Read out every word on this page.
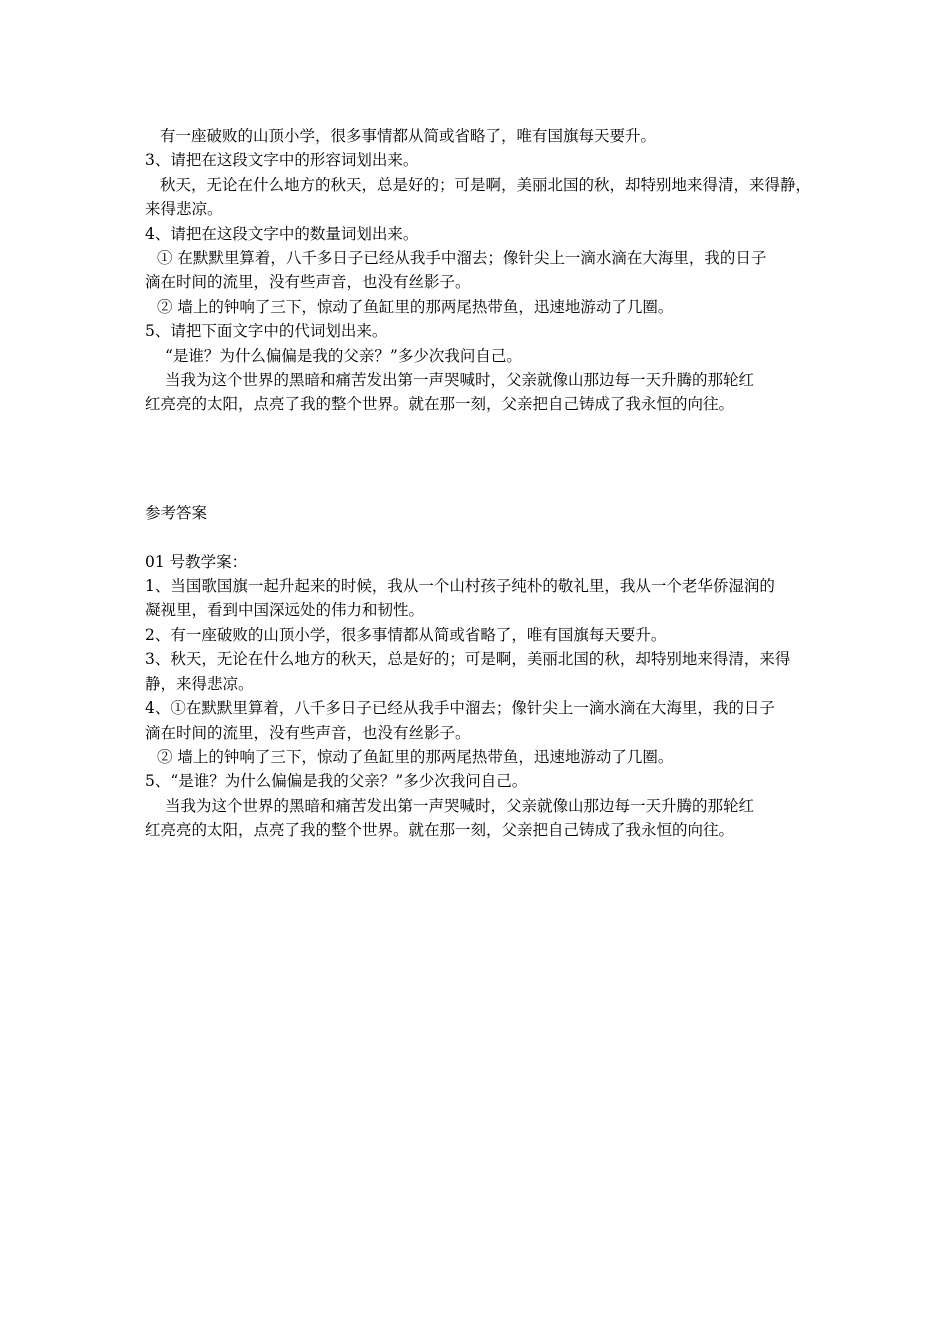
有一座破败的山顶小学，很多事情都从简或省略了，唯有国旗每天要升。

3、请把在这段文字中的形容词划出来。

秋天，无论在什么地方的秋天，总是好的；可是啊，美丽北国的秋，却特别地来得清，来得静，

来得悲凉。

4、请把在这段文字中的数量词划出来。

① 在默默里算着，八千多日子已经从我手中溜去；像针尖上一滴水滴在大海里，我的日子

滴在时间的流里，没有些声音，也没有丝影子。

② 墙上的钟响了三下，惊动了鱼缸里的那两尾热带鱼，迅速地游动了几圈。

5、请把下面文字中的代词划出来。

“是谁？为什么偏偏是我的父亲？”多少次我问自己。

当我为这个世界的黑暗和痛苦发出第一声哭喊时，父亲就像山那边每一天升腾的那轮红

红亮亮的太阳，点亮了我的整个世界。就在那一刻，父亲把自己铸成了我永恒的向往。

参考答案

01 号教学案：

1、当国歌国旗一起升起来的时候，我从一个山村孩子纯朴的敬礼里，我从一个老华侨湿润的

凝视里，看到中国深远处的伟力和韧性。

2、有一座破败的山顶小学，很多事情都从简或省略了，唯有国旗每天要升。

3、秋天，无论在什么地方的秋天，总是好的；可是啊，美丽北国的秋，却特别地来得清，来得

静，来得悲凉。

4、①在默默里算着，八千多日子已经从我手中溜去；像针尖上一滴水滴在大海里，我的日子

滴在时间的流里，没有些声音，也没有丝影子。

② 墙上的钟响了三下，惊动了鱼缸里的那两尾热带鱼，迅速地游动了几圈。

5、“是谁？为什么偏偏是我的父亲？”多少次我问自己。

当我为这个世界的黑暗和痛苦发出第一声哭喊时，父亲就像山那边每一天升腾的那轮红

红亮亮的太阳，点亮了我的整个世界。就在那一刻，父亲把自己铸成了我永恒的向往。
